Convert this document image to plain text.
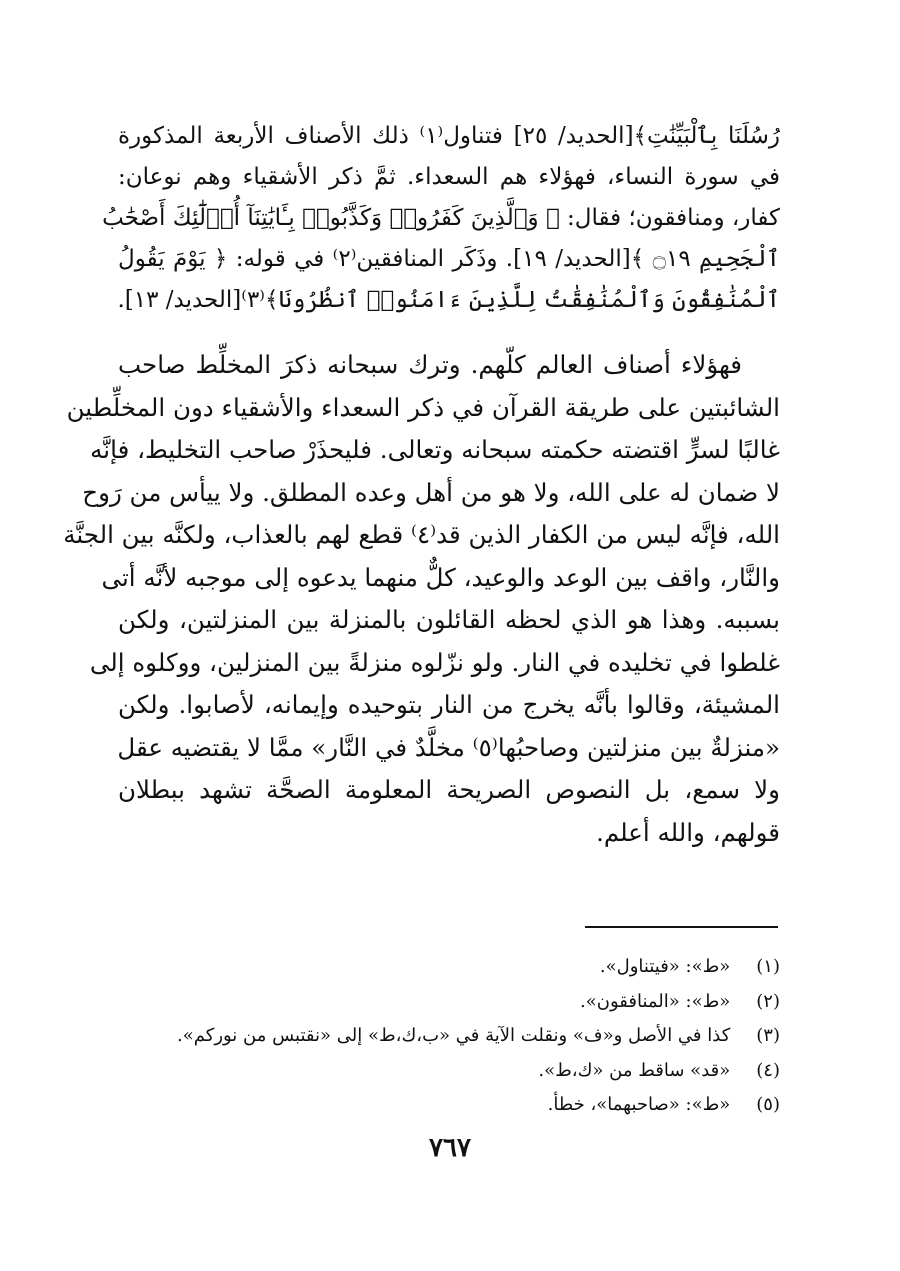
رُسُلَنَا بِٱلْبَيِّنَٰتِ﴾[الحديد/ ٢٥] فتناول⁽١⁾ ذلك الأصناف الأربعة المذكورة
في سورة النساء، فهؤلاء هم السعداء. ثمَّ ذكر الأشقياء وهم نوعان:
كفار، ومنافقون؛ فقال: ﴿ وَٱلَّذِينَ كَفَرُوا۟ وَكَذَّبُوا۟ بِـَٔايَٰتِنَآ أُو۟لَٰٓئِكَ أَصْحَٰبُ
ٱلْجَحِيمِ ۝١٩ ﴾[الحديد/ ١٩]. وذَكَر المنافقين⁽٢⁾ في قوله: ﴿ يَوْمَ يَقُولُ
ٱلْمُنَٰفِقُونَ وَٱلْمُنَٰفِقَٰتُ لِلَّذِينَ ءَامَنُوا۟ ٱنظُرُونَا﴾⁽٣⁾[الحديد/ ١٣].
فهؤلاء أصناف العالم كلّهم. وترك سبحانه ذكرَ المخلِّط صاحب
الشائبتين على طريقة القرآن في ذكر السعداء والأشقياء دون المخلِّطين
غالبًا لسرٍّ اقتضته حكمته سبحانه وتعالى. فليحذَرْ صاحب التخليط، فإنَّه
لا ضمان له على الله، ولا هو من أهل وعده المطلق. ولا ييأس من رَوح
الله، فإنَّه ليس من الكفار الذين قد⁽٤⁾ قطع لهم بالعذاب، ولكنَّه بين الجنَّة
والنَّار، واقف بين الوعد والوعيد، كلٌّ منهما يدعوه إلى موجبه لأنَّه أتى
بسببه. وهذا هو الذي لحظه القائلون بالمنزلة بين المنزلتين، ولكن
غلطوا في تخليده في النار. ولو نزّلوه منزلةً بين المنزلين، ووكلوه إلى
المشيئة، وقالوا بأنَّه يخرج من النار بتوحيده وإيمانه، لأصابوا. ولكن
«منزلةٌ بين منزلتين وصاحبُها⁽٥⁾ مخلَّدٌ في النَّار» ممَّا لا يقتضيه عقل
ولا سمع، بل النصوص الصريحة المعلومة الصحَّة تشهد ببطلان
قولهم، والله أعلم.
(١) «ط»: «فيتناول».
(٢) «ط»: «المنافقون».
(٣) كذا في الأصل و«ف» ونقلت الآية في «ب،ك،ط» إلى «نقتبس من نوركم».
(٤) «قد» ساقط من «ك،ط».
(٥) «ط»: «صاحبهما»، خطأ.
٧٦٧
